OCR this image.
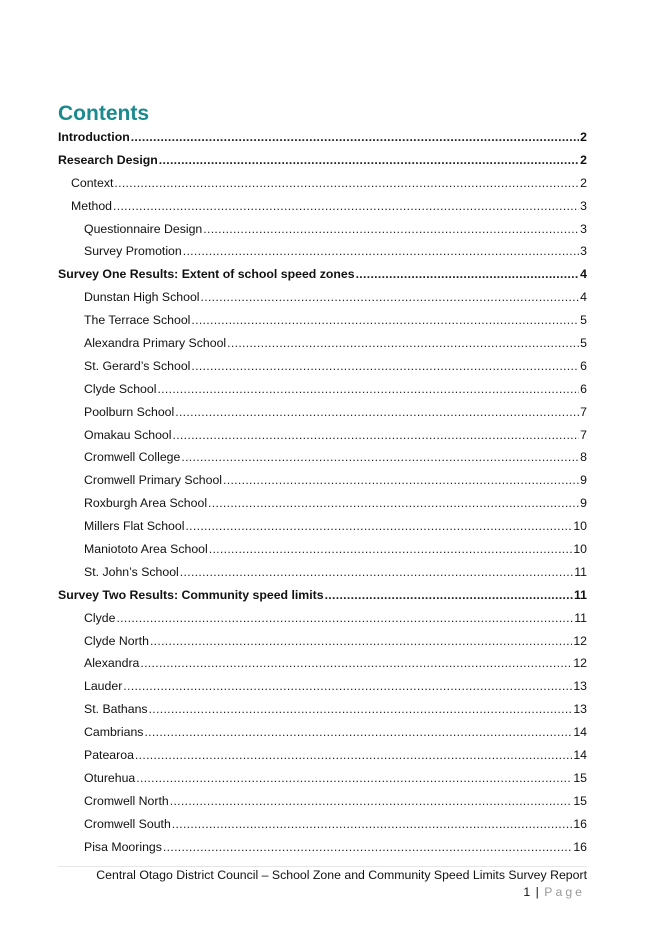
Contents
Introduction .....	2
Research Design .....	2
Context .....	2
Method .....	3
Questionnaire Design .....	3
Survey Promotion .....	3
Survey One Results: Extent of school speed zones .....	4
Dunstan High School .....	4
The Terrace School .....	5
Alexandra Primary School .....	5
St. Gerard’s School .....	6
Clyde School .....	6
Poolburn School .....	7
Omakau School .....	7
Cromwell College .....	8
Cromwell Primary School .....	9
Roxburgh Area School .....	9
Millers Flat School .....	10
Maniototo Area School .....	10
St. John’s School .....	11
Survey Two Results: Community speed limits .....	11
Clyde .....	11
Clyde North .....	12
Alexandra .....	12
Lauder .....	13
St. Bathans .....	13
Cambrians .....	14
Patearoa .....	14
Oturehua .....	15
Cromwell North .....	15
Cromwell South .....	16
Pisa Moorings .....	16
Central Otago District Council – School Zone and Community Speed Limits Survey Report
1 | Page
